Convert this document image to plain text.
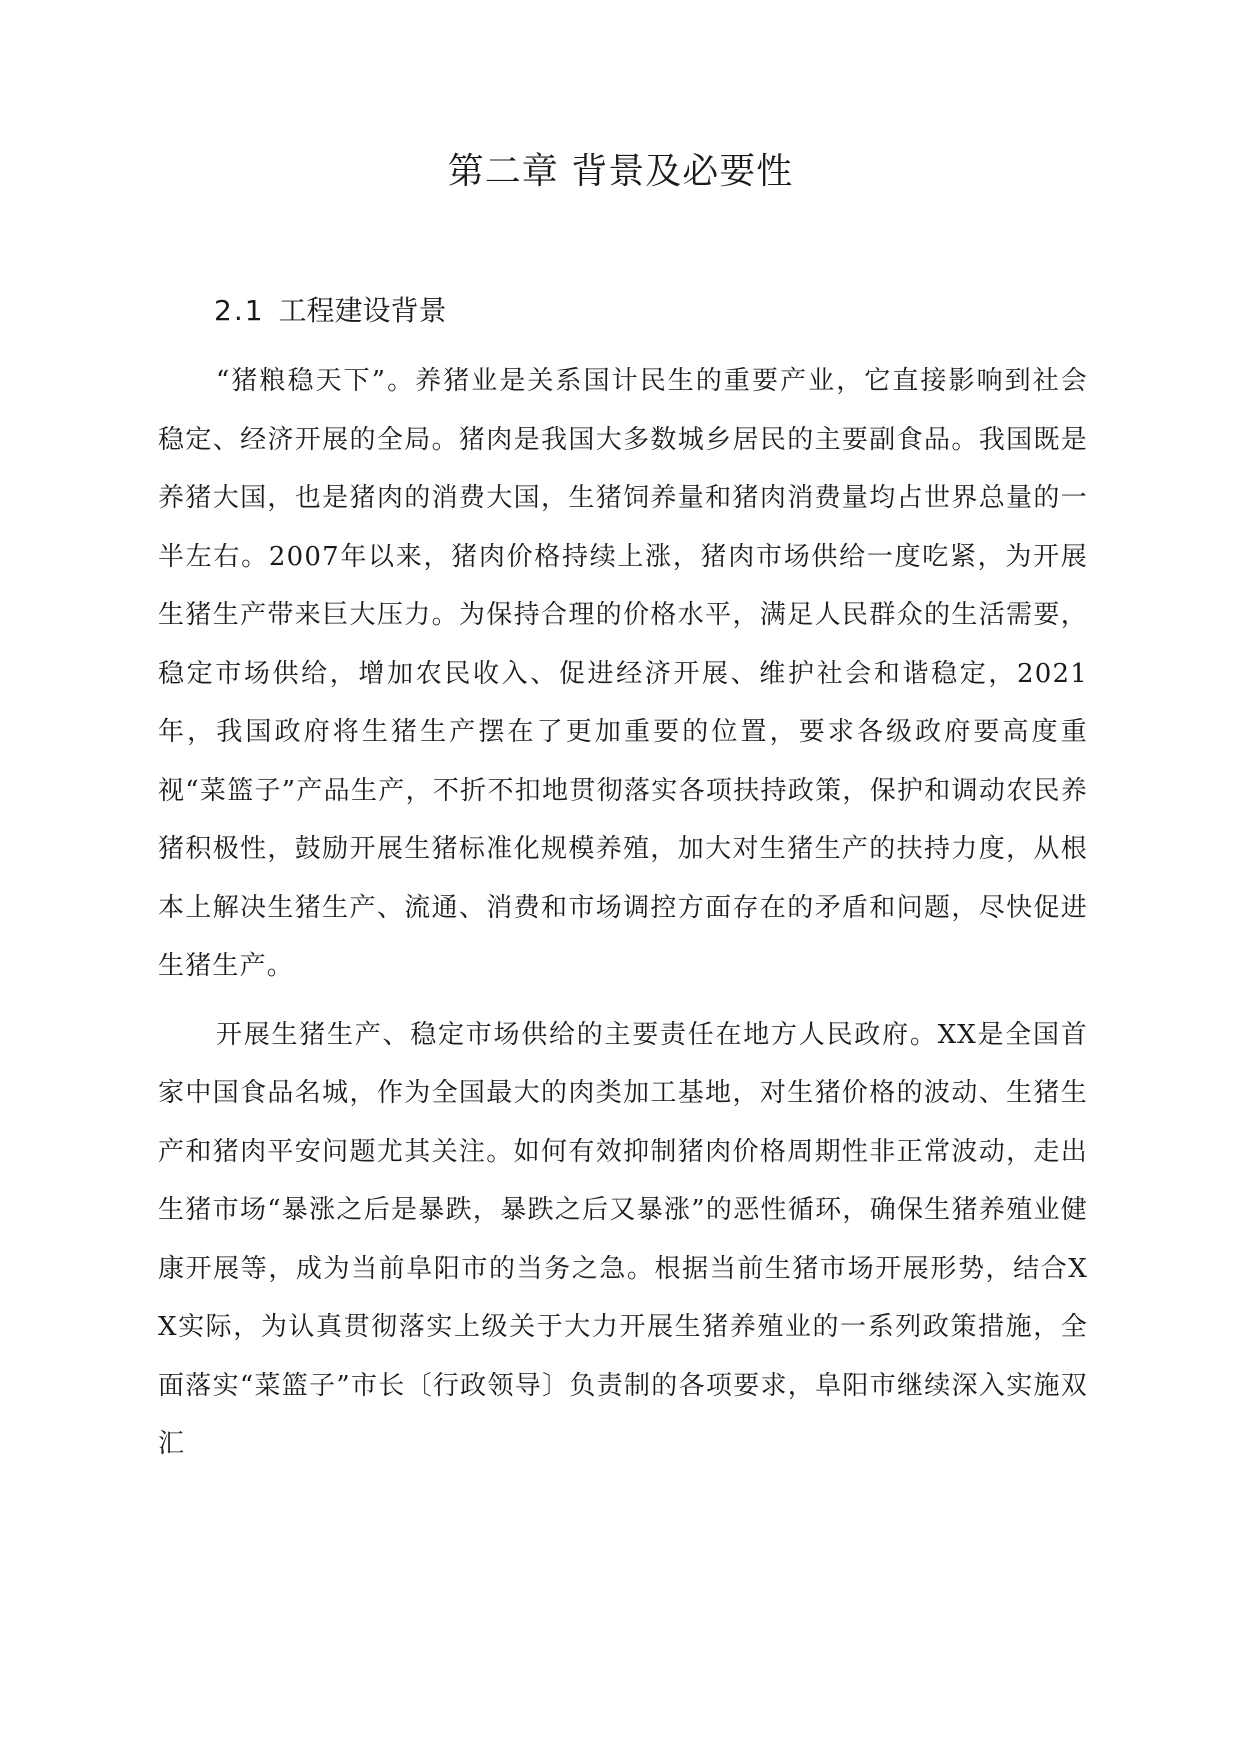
第二章 背景及必要性
2.1 工程建设背景

“猪粮稳天下”。养猪业是关系国计民生的重要产业，它直接影响到社会稳定、经济开展的全局。猪肉是我国大多数城乡居民的主要副食品。我国既是养猪大国，也是猪肉的消费大国，生猪饲养量和猪肉消费量均占世界总量的一半左右。2007年以来，猪肉价格持续上涨，猪肉市场供给一度吃紧，为开展生猪生产带来巨大压力。为保持合理的价格水平，满足人民群众的生活需要，稳定市场供给，增加农民收入、促进经济开展、维护社会和谐稳定，2021年，我国政府将生猪生产摆在了更加重要的位置，要求各级政府要高度重视“菜篮子”产品生产，不折不扣地贯彻落实各项扶持政策，保护和调动农民养猪积极性，鼓励开展生猪标准化规模养殖，加大对生猪生产的扶持力度，从根本上解决生猪生产、流通、消费和市场调控方面存在的矛盾和问题，尽快促进生猪生产。

开展生猪生产、稳定市场供给的主要责任在地方人民政府。XX是全国首家中国食品名城，作为全国最大的肉类加工基地，对生猪价格的波动、生猪生产和猪肉平安问题尤其关注。如何有效抑制猪肉价格周期性非正常波动，走出生猪市场“暴涨之后是暴跌，暴跌之后又暴涨”的恶性循环，确保生猪养殖业健康开展等，成为当前阜阳市的当务之急。根据当前生猪市场开展形势，结合XX实际，为认真贯彻落实上级关于大力开展生猪养殖业的一系列政策措施，全面落实“菜篮子”市长〔行政领导〕负责制的各项要求，阜阳市继续深入实施双汇
